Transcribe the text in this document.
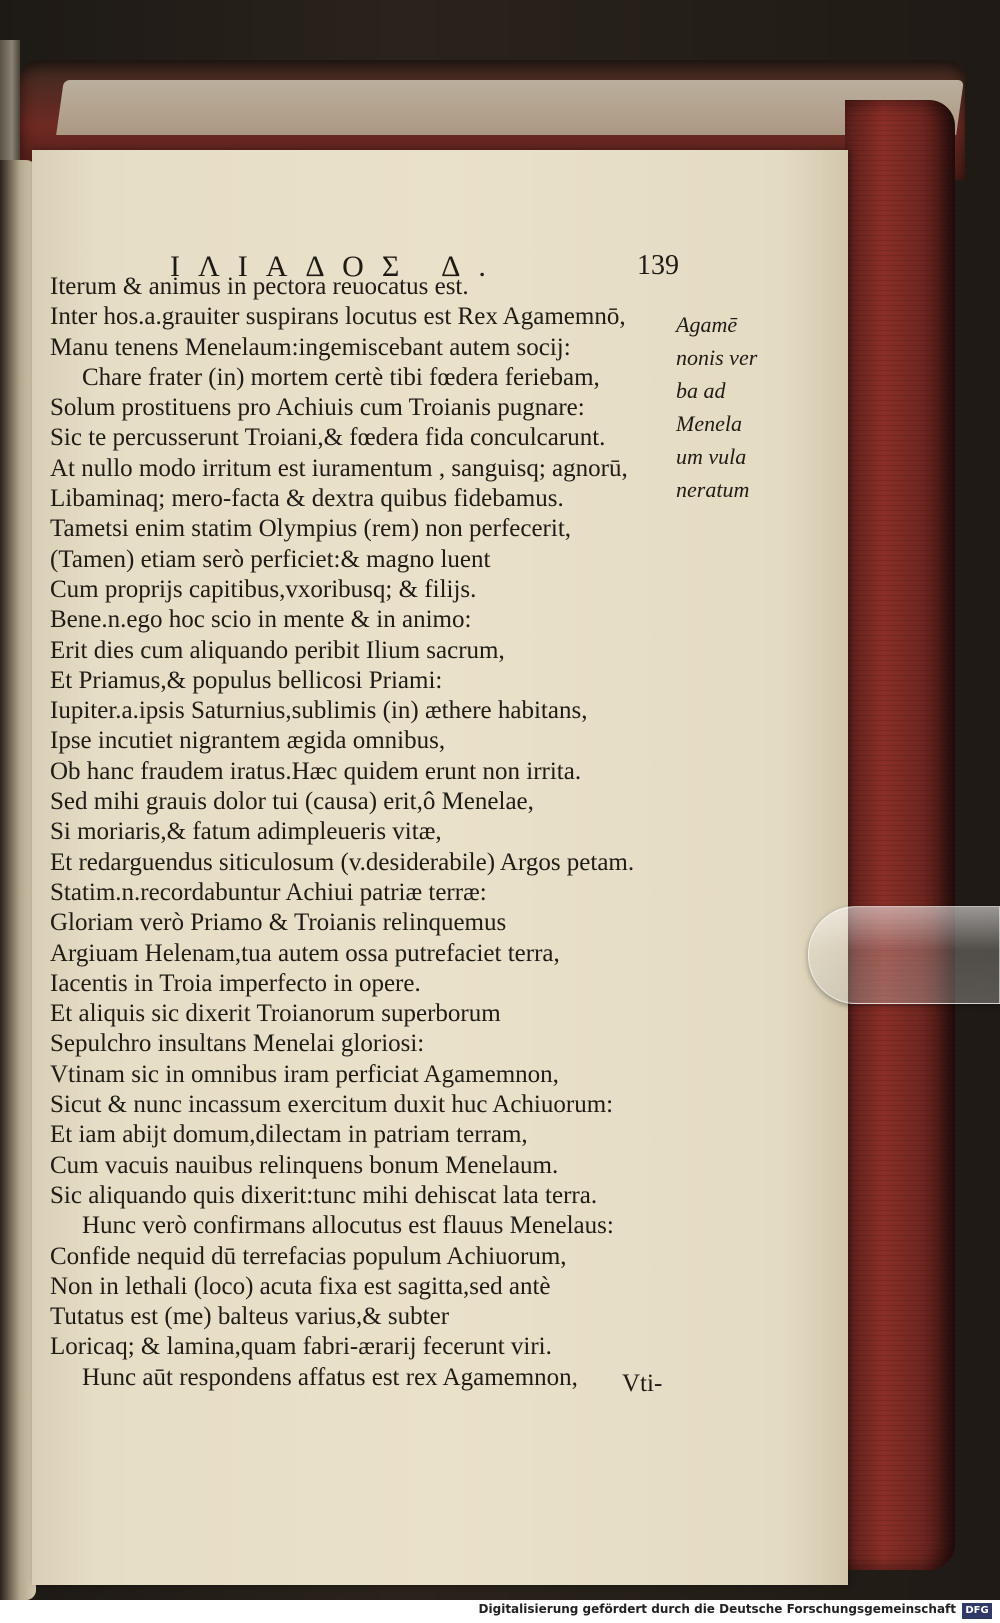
ΙΛΙΑΔΟΣ Δ.	139
Iterum & animus in pectora reuocatus est.
Inter hos.a.grauiter suspirans locutus est Rex Agamemnō,
Manu tenens Menelaum:ingemiscebant autem socij:
Chare frater (in) mortem certè tibi fœdera feriebam,
Solum prostituens pro Achiuis cum Troianis pugnare:
Sic te percusserunt Troiani,& fœdera fida conculcarunt.
At nullo modo irritum est iuramentum , sanguisq; agnorū,
Libaminaq; mero-facta & dextra quibus fidebamus.
Tametsi enim statim Olympius (rem) non perfecerit,
(Tamen) etiam serò perficiet:& magno luent
Cum proprijs capitibus,vxoribusq; & filijs.
Bene.n.ego hoc scio in mente & in animo:
Erit dies cum aliquando peribit Ilium sacrum,
Et Priamus,& populus bellicosi Priami:
Iupiter.a.ipsis Saturnius,sublimis (in) æthere habitans,
Ipse incutiet nigrantem ægida omnibus,
Ob hanc fraudem iratus.Hæc quidem erunt non irrita.
Sed mihi grauis dolor tui (causa) erit,ô Menelae,
Si moriaris,& fatum adimpleueris vitæ,
Et redarguendus siticulosum (v.desiderabile) Argos petam.
Statim.n.recordabuntur Achiui patriæ terræ:
Gloriam verò Priamo & Troianis relinquemus
Argiuam Helenam,tua autem ossa putrefaciet terra,
Iacentis in Troia imperfecto in opere.
Et aliquis sic dixerit Troianorum superborum
Sepulchro insultans Menelai gloriosi:
Vtinam sic in omnibus iram perficiat Agamemnon,
Sicut & nunc incassum exercitum duxit huc Achiuorum:
Et iam abijt domum,dilectam in patriam terram,
Cum vacuis nauibus relinquens bonum Menelaum.
Sic aliquando quis dixerit:tunc mihi dehiscat lata terra.
Hunc verò confirmans allocutus est flauus Menelaus:
Confide nequid dū terrefacias populum Achiuorum,
Non in lethali (loco) acuta fixa est sagitta,sed antè
Tutatus est (me) balteus varius,& subter
Loricaq; & lamina,quam fabri-ærarij fecerunt viri.
Hunc aūt respondens affatus est rex Agamemnon,
Agamē
nonis ver
ba ad
Menela
um vula
neratum
Vti-
Digitalisierung gefördert durch die Deutsche Forschungsgemeinschaft DFG
